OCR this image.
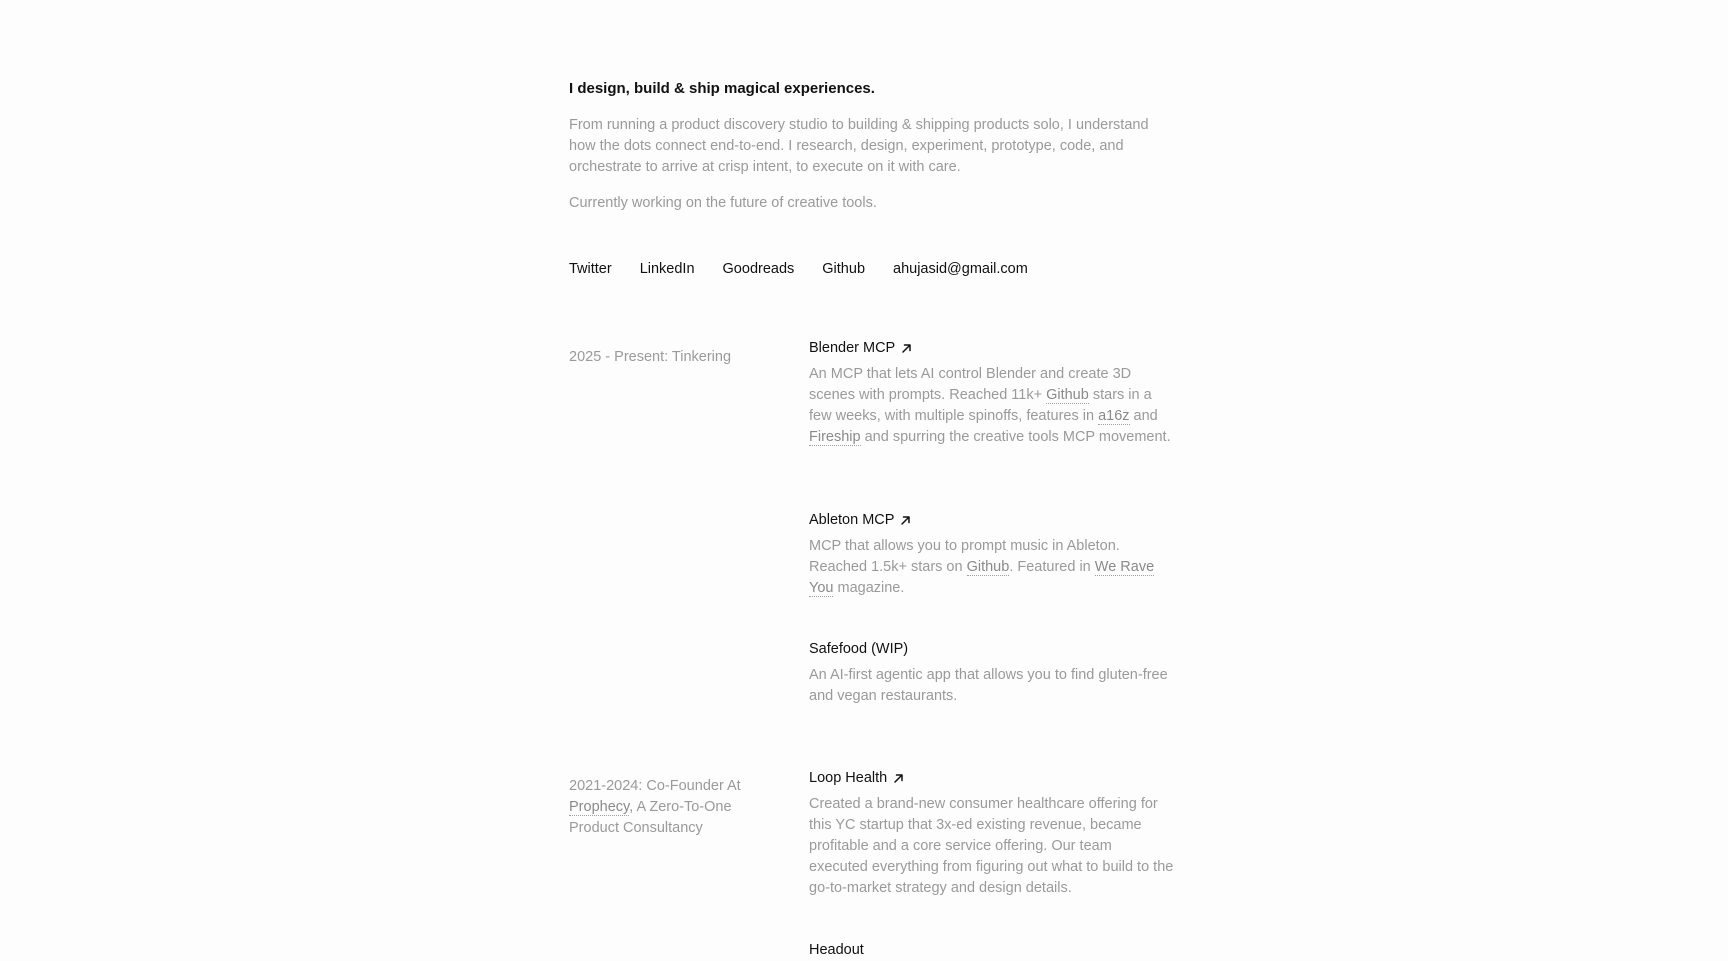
I design, build & ship magical experiences.

From running a product discovery studio to building & shipping products solo, I understand how the dots connect end-to-end. I research, design, experiment, prototype, code, and orchestrate to arrive at crisp intent, to execute on it with care.

Currently working on the future of creative tools.

Twitter LinkedIn Goodreads Github ahujasid@gmail.com
2025 - Present: Tinkering
Blender MCP
An MCP that lets AI control Blender and create 3D scenes with prompts. Reached 11k+ Github stars in a few weeks, with multiple spinoffs, features in a16z and Fireship and spurring the creative tools MCP movement.
Ableton MCP
MCP that allows you to prompt music in Ableton. Reached 1.5k+ stars on Github. Featured in We Rave You magazine.
Safefood (WIP)
An AI-first agentic app that allows you to find gluten-free and vegan restaurants.
2021-2024: Co-Founder At Prophecy, A Zero-To-One Product Consultancy
Loop Health
Created a brand-new consumer healthcare offering for this YC startup that 3x-ed existing revenue, became profitable and a core service offering. Our team executed everything from figuring out what to build to the go-to-market strategy and design details.
Headout
